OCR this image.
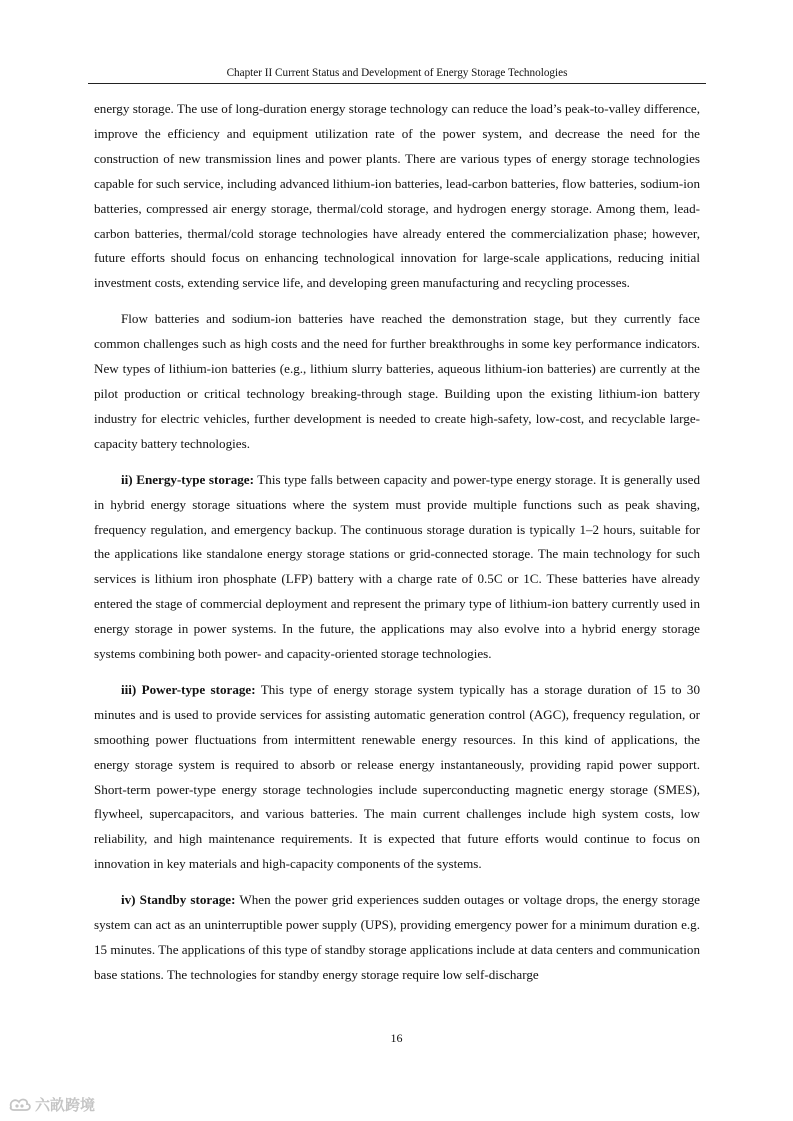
Chapter II Current Status and Development of Energy Storage Technologies

energy storage. The use of long-duration energy storage technology can reduce the load’s peak-to-valley difference, improve the efficiency and equipment utilization rate of the power system, and decrease the need for the construction of new transmission lines and power plants. There are various types of energy storage technologies capable for such service, including advanced lithium-ion batteries, lead-carbon batteries, flow batteries, sodium-ion batteries, compressed air energy storage, thermal/cold storage, and hydrogen energy storage. Among them, lead-carbon batteries, thermal/cold storage technologies have already entered the commercialization phase; however, future efforts should focus on enhancing technological innovation for large-scale applications, reducing initial investment costs, extending service life, and developing green manufacturing and recycling processes.

Flow batteries and sodium-ion batteries have reached the demonstration stage, but they currently face common challenges such as high costs and the need for further breakthroughs in some key performance indicators. New types of lithium-ion batteries (e.g., lithium slurry batteries, aqueous lithium-ion batteries) are currently at the pilot production or critical technology breaking-through stage. Building upon the existing lithium-ion battery industry for electric vehicles, further development is needed to create high-safety, low-cost, and recyclable large-capacity battery technologies.

ii) Energy-type storage: This type falls between capacity and power-type energy storage. It is generally used in hybrid energy storage situations where the system must provide multiple functions such as peak shaving, frequency regulation, and emergency backup. The continuous storage duration is typically 1–2 hours, suitable for the applications like standalone energy storage stations or grid-connected storage. The main technology for such services is lithium iron phosphate (LFP) battery with a charge rate of 0.5C or 1C. These batteries have already entered the stage of commercial deployment and represent the primary type of lithium-ion battery currently used in energy storage in power systems. In the future, the applications may also evolve into a hybrid energy storage systems combining both power- and capacity-oriented storage technologies.

iii) Power-type storage: This type of energy storage system typically has a storage duration of 15 to 30 minutes and is used to provide services for assisting automatic generation control (AGC), frequency regulation, or smoothing power fluctuations from intermittent renewable energy resources. In this kind of applications, the energy storage system is required to absorb or release energy instantaneously, providing rapid power support. Short-term power-type energy storage technologies include superconducting magnetic energy storage (SMES), flywheel, supercapacitors, and various batteries. The main current challenges include high system costs, low reliability, and high maintenance requirements. It is expected that future efforts would continue to focus on innovation in key materials and high-capacity components of the systems.

iv) Standby storage: When the power grid experiences sudden outages or voltage drops, the energy storage system can act as an uninterruptible power supply (UPS), providing emergency power for a minimum duration e.g. 15 minutes. The applications of this type of standby storage applications include at data centers and communication base stations. The technologies for standby energy storage require low self-discharge

16
六畝跨境
